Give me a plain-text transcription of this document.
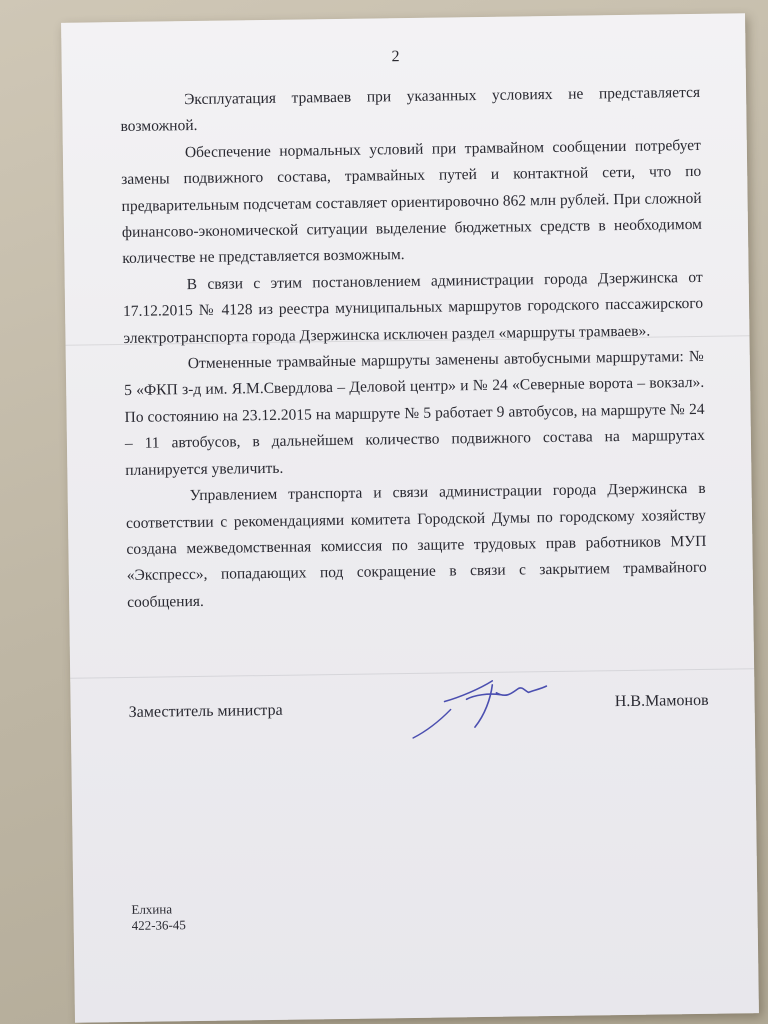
2

Эксплуатация трамваев при указанных условиях не представляется возможной.

Обеспечение нормальных условий при трамвайном сообщении потребует замены подвижного состава, трамвайных путей и контактной сети, что по предварительным подсчетам составляет ориентировочно 862 млн рублей. При сложной финансово-экономической ситуации выделение бюджетных средств в необходимом количестве не представляется возможным.

В связи с этим постановлением администрации города Дзержинска от 17.12.2015 № 4128 из реестра муниципальных маршрутов городского пассажирского электротранспорта города Дзержинска исключен раздел «маршруты трамваев».

Отмененные трамвайные маршруты заменены автобусными маршрутами: № 5 «ФКП з-д им. Я.М.Свердлова – Деловой центр» и № 24 «Северные ворота – вокзал». По состоянию на 23.12.2015 на маршруте № 5 работает 9 автобусов, на маршруте № 24 – 11 автобусов, в дальнейшем количество подвижного состава на маршрутах планируется увеличить.

Управлением транспорта и связи администрации города Дзержинска в соответствии с рекомендациями комитета Городской Думы по городскому хозяйству создана межведомственная комиссия по защите трудовых прав работников МУП «Экспресс», попадающих под сокращение в связи с закрытием трамвайного сообщения.

Заместитель министра
Н.В.Мамонов
Елхина
422-36-45
